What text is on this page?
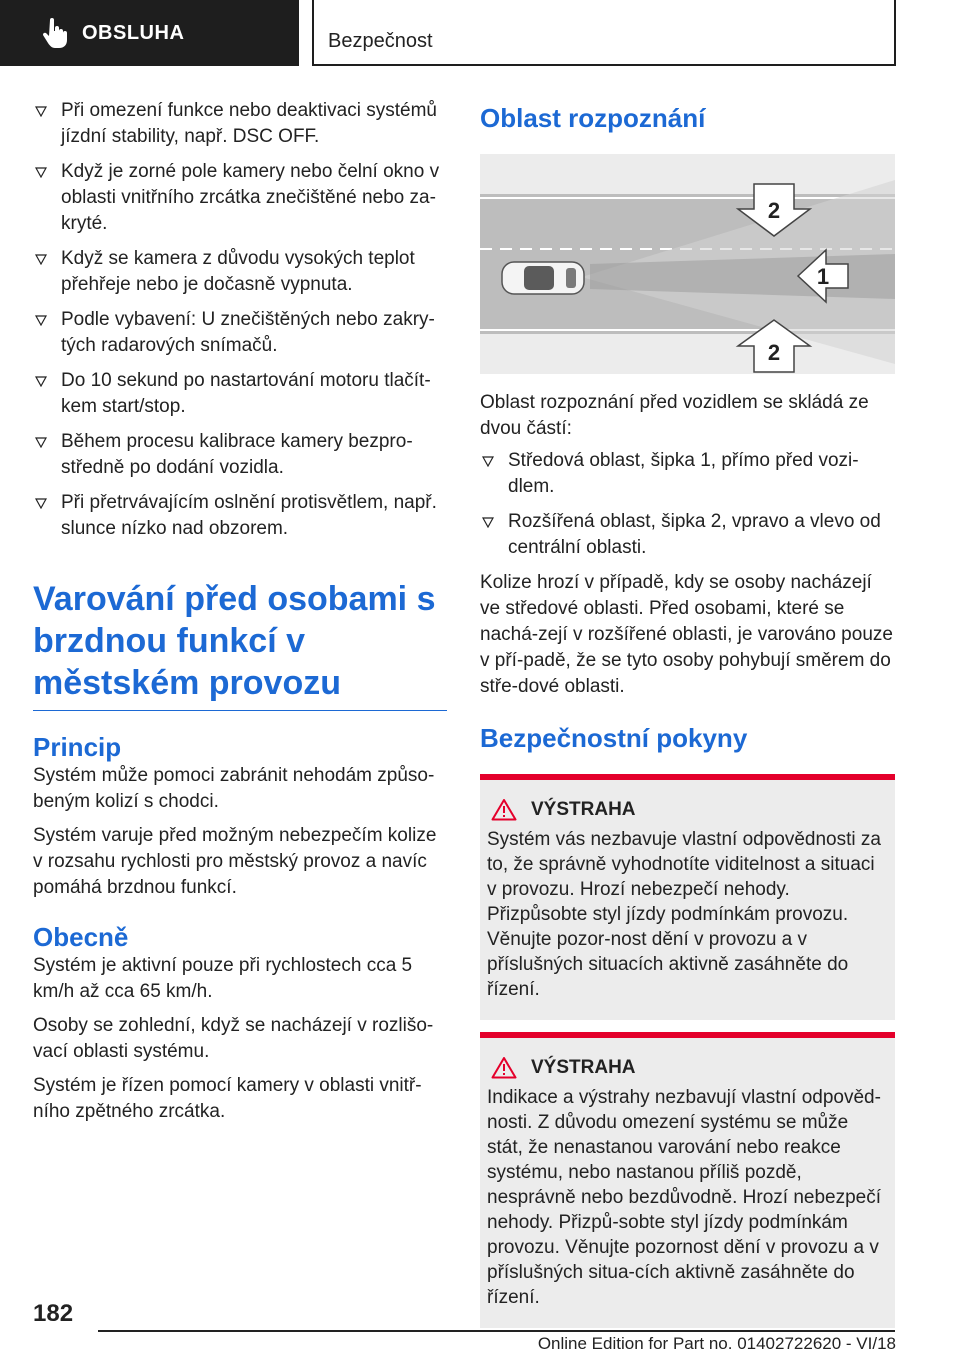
OBSLUHA	Bezpečnost
Při omezení funkce nebo deaktivaci systémů jízdní stability, např. DSC OFF.
Když je zorné pole kamery nebo čelní okno v oblasti vnitřního zrcátka znečištěné nebo za‐kryté.
Když se kamera z důvodu vysokých teplot přehřeje nebo je dočasně vypnuta.
Podle vybavení: U znečištěných nebo zakry‐tých radarových snímačů.
Do 10 sekund po nastartování motoru tlačít‐kem start/stop.
Během procesu kalibrace kamery bezpro‐středně po dodání vozidla.
Při přetrvávajícím oslnění protisvětlem, např. slunce nízko nad obzorem.
Varování před osobami s brzdnou funkcí v městském provozu
Princip

Systém může pomoci zabránit nehodám způso‐beným kolizí s chodci.

Systém varuje před možným nebezpečím kolize v rozsahu rychlosti pro městský provoz a navíc pomáhá brzdnou funkcí.

Obecně

Systém je aktivní pouze při rychlostech cca 5 km/h až cca 65 km/h.

Osoby se zohlední, když se nacházejí v rozlišo‐vací oblasti systému.

Systém je řízen pomocí kamery v oblasti vnitř‐ního zpětného zrcátka.

Oblast rozpoznání
2
1
2

Oblast rozpoznání před vozidlem se skládá ze dvou částí:

Středová oblast, šipka 1, přímo před vozi‐dlem.
Rozšířená oblast, šipka 2, vpravo a vlevo od centrální oblasti.

Kolize hrozí v případě, kdy se osoby nacházejí ve středové oblasti. Před osobami, které se nachá‐zejí v rozšířené oblasti, je varováno pouze v pří‐padě, že se tyto osoby pohybují směrem do stře‐dové oblasti.

Bezpečnostní pokyny
VÝSTRAHA

Systém vás nezbavuje vlastní odpovědnosti za to, že správně vyhodnotíte viditelnost a situaci v provozu. Hrozí nebezpečí nehody. Přizpůsobte styl jízdy podmínkám provozu. Věnujte pozor‐nost dění v provozu a v příslušných situacích aktivně zasáhněte do řízení.

VÝSTRAHA

Indikace a výstrahy nezbavují vlastní odpověd‐nosti. Z důvodu omezení systému se může stát, že nenastanou varování nebo reakce systému, nebo nastanou příliš pozdě, nesprávně nebo bezdůvodně. Hrozí nebezpečí nehody. Přizpů‐sobte styl jízdy podmínkám provozu. Věnujte pozornost dění v provozu a v příslušných situa‐cích aktivně zasáhněte do řízení.

182
Online Edition for Part no. 01402722620 - VI/18
